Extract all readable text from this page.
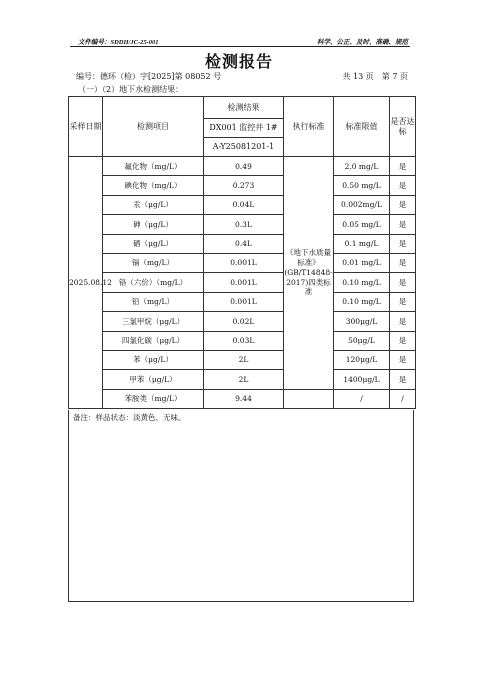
文件编号：SDDH/JC-25-001	科学、公正、及时、准确、规范
检测报告
编号：德环（检）字[2025]第 08052 号	共 13 页　第 7 页
（一）（2）地下水检测结果：
采样日期	检测项目	检测结果	执行标准	标准限值	是否达标
		DX001 监控井 1#			
		A-Y25081201-1			
2025.08.12	氟化物（mg/L）	0.49	《地下水质量标准》(GB/T14848-2017)四类标准	2.0 mg/L	是
	碘化物（mg/L）	0.273		0.50 mg/L	是
	汞（μg/L）	0.04L		0.002mg/L	是
	砷（μg/L）	0.3L		0.05 mg/L	是
	硒（μg/L）	0.4L		0.1 mg/L	是
	镉（mg/L）	0.001L		0.01 mg/L	是
	铬（六价）（mg/L）	0.001L		0.10 mg/L	是
	铅（mg/L）	0.001L		0.10 mg/L	是
	三氯甲烷（μg/L）	0.02L		300μg/L	是
	四氯化碳（μg/L）	0.03L		50μg/L	是
	苯（μg/L）	2L		120μg/L	是
	甲苯（μg/L）	2L		1400μg/L	是
	苯胺类（mg/L）	9.44		/	/
备注：样品状态：淡黄色、无味。
